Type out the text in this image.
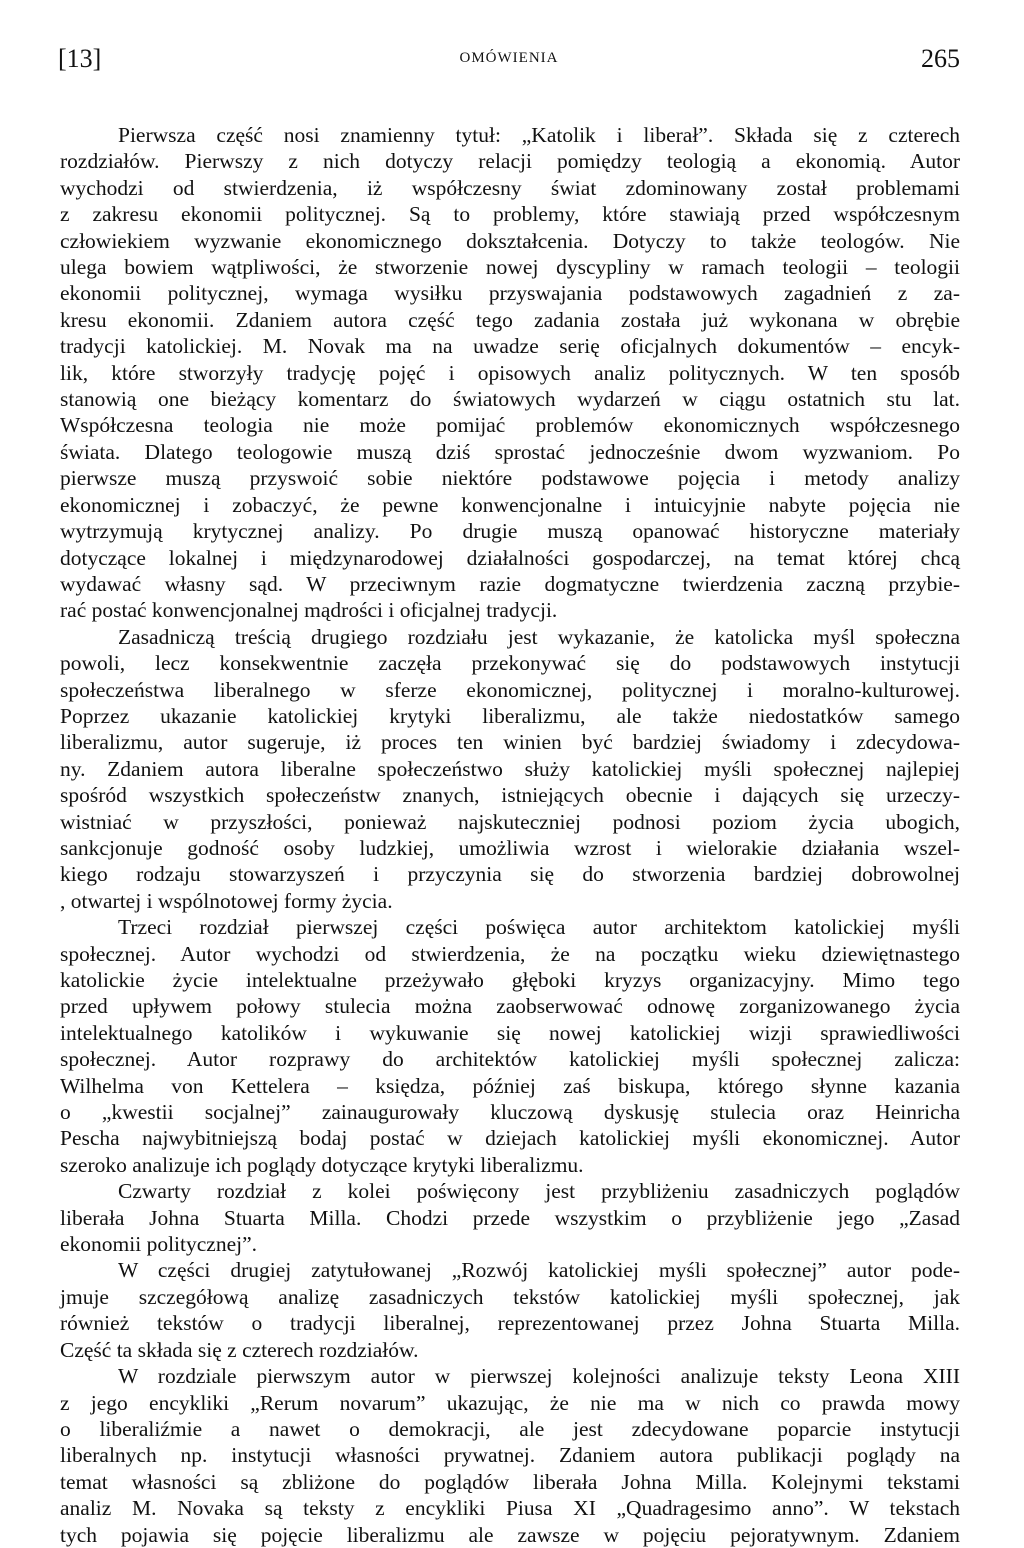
[13]	OMÓWIENIA	265

Pierwsza część nosi znamienny tytuł: „Katolik i liberał”. Składa się z czterech
rozdziałów. Pierwszy z nich dotyczy relacji pomiędzy teologią a ekonomią. Autor
wychodzi od stwierdzenia, iż współczesny świat zdominowany został problemami
z zakresu ekonomii politycznej. Są to problemy, które stawiają przed współczesnym
człowiekiem wyzwanie ekonomicznego dokształcenia. Dotyczy to także teologów. Nie
ulega bowiem wątpliwości, że stworzenie nowej dyscypliny w ramach teologii – teologii
ekonomii politycznej, wymaga wysiłku przyswajania podstawowych zagadnień z za-
kresu ekonomii. Zdaniem autora część tego zadania została już wykonana w obrębie
tradycji katolickiej. M. Novak ma na uwadze serię oficjalnych dokumentów – encyk-
lik, które stworzyły tradycję pojęć i opisowych analiz politycznych. W ten sposób
stanowią one bieżący komentarz do światowych wydarzeń w ciągu ostatnich stu lat.
Współczesna teologia nie może pomijać problemów ekonomicznych współczesnego
świata. Dlatego teologowie muszą dziś sprostać jednocześnie dwom wyzwaniom. Po
pierwsze muszą przyswoić sobie niektóre podstawowe pojęcia i metody analizy
ekonomicznej i zobaczyć, że pewne konwencjonalne i intuicyjnie nabyte pojęcia nie
wytrzymują krytycznej analizy. Po drugie muszą opanować historyczne materiały
dotyczące lokalnej i międzynarodowej działalności gospodarczej, na temat której chcą
wydawać własny sąd. W przeciwnym razie dogmatyczne twierdzenia zaczną przybie-
rać postać konwencjonalnej mądrości i oficjalnej tradycji.

Zasadniczą treścią drugiego rozdziału jest wykazanie, że katolicka myśl społeczna
powoli, lecz konsekwentnie zaczęła przekonywać się do podstawowych instytucji
społeczeństwa liberalnego w sferze ekonomicznej, politycznej i moralno-kulturowej.
Poprzez ukazanie katolickiej krytyki liberalizmu, ale także niedostatków samego
liberalizmu, autor sugeruje, iż proces ten winien być bardziej świadomy i zdecydowa-
ny. Zdaniem autora liberalne społeczeństwo służy katolickiej myśli społecznej najlepiej
spośród wszystkich społeczeństw znanych, istniejących obecnie i dających się urzeczy-
wistniać w przyszłości, ponieważ najskuteczniej podnosi poziom życia ubogich,
sankcjonuje godność osoby ludzkiej, umożliwia wzrost i wielorakie działania wszel-
kiego rodzaju stowarzyszeń i przyczynia się do stworzenia bardziej dobrowolnej
, otwartej i wspólnotowej formy życia.

Trzeci rozdział pierwszej części poświęca autor architektom katolickiej myśli
społecznej. Autor wychodzi od stwierdzenia, że na początku wieku dziewiętnastego
katolickie życie intelektualne przeżywało głęboki kryzys organizacyjny. Mimo tego
przed upływem połowy stulecia można zaobserwować odnowę zorganizowanego życia
intelektualnego katolików i wykuwanie się nowej katolickiej wizji sprawiedliwości
społecznej. Autor rozprawy do architektów katolickiej myśli społecznej zalicza:
Wilhelma von Kettelera – księdza, później zaś biskupa, którego słynne kazania
o „kwestii socjalnej” zainaugurowały kluczową dyskusję stulecia oraz Heinricha
Pescha najwybitniejszą bodaj postać w dziejach katolickiej myśli ekonomicznej. Autor
szeroko analizuje ich poglądy dotyczące krytyki liberalizmu.

Czwarty rozdział z kolei poświęcony jest przybliżeniu zasadniczych poglądów
liberała Johna Stuarta Milla. Chodzi przede wszystkim o przybliżenie jego „Zasad
ekonomii politycznej”.

W części drugiej zatytułowanej „Rozwój katolickiej myśli społecznej” autor pode-
jmuje szczegółową analizę zasadniczych tekstów katolickiej myśli społecznej, jak
również tekstów o tradycji liberalnej, reprezentowanej przez Johna Stuarta Milla.
Część ta składa się z czterech rozdziałów.

W rozdziale pierwszym autor w pierwszej kolejności analizuje teksty Leona XIII
z jego encykliki „Rerum novarum” ukazując, że nie ma w nich co prawda mowy
o liberaliźmie a nawet o demokracji, ale jest zdecydowane poparcie instytucji
liberalnych np. instytucji własności prywatnej. Zdaniem autora publikacji poglądy na
temat własności są zbliżone do poglądów liberała Johna Milla. Kolejnymi tekstami
analiz M. Novaka są teksty z encykliki Piusa XI „Quadragesimo anno”. W tekstach
tych pojawia się pojęcie liberalizmu ale zawsze w pojęciu pejoratywnym. Zdaniem
